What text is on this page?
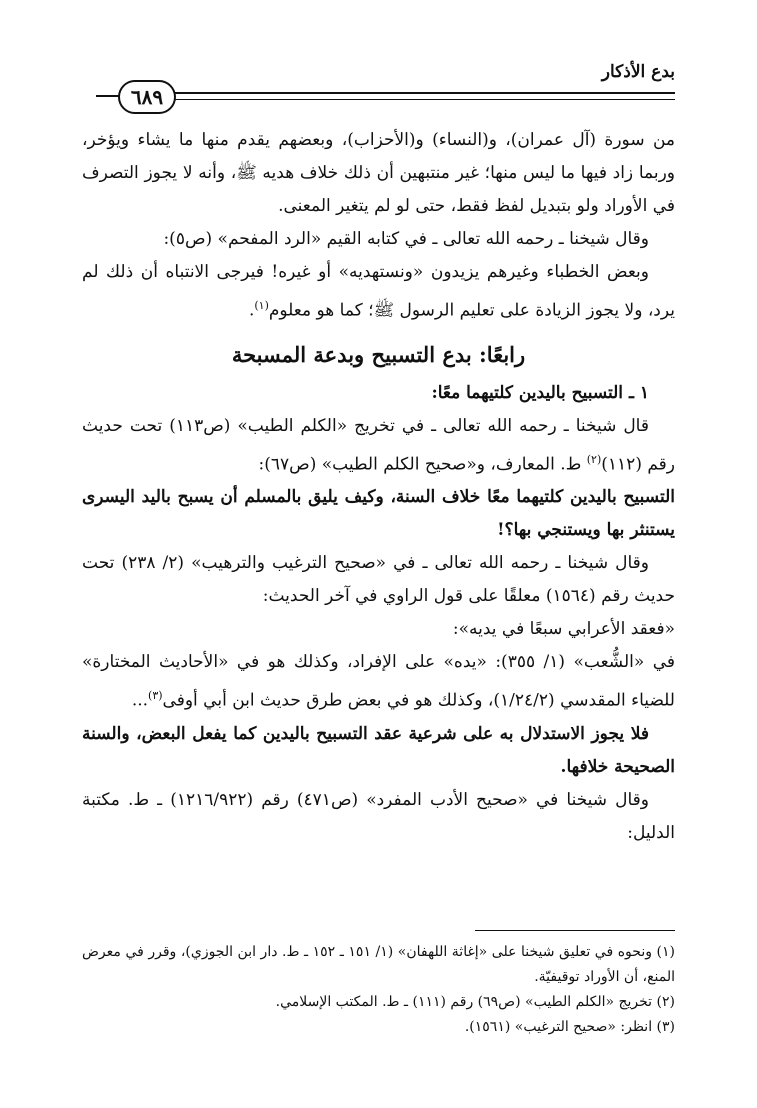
بدع الأذكار
٦٨٩

من سورة (آل عمران)، و(النساء) و(الأحزاب)، وبعضهم يقدم منها ما يشاء ويؤخر، وربما زاد فيها ما ليس منها؛ غير منتبهين أن ذلك خلاف هديه ﷺ، وأنه لا يجوز التصرف في الأوراد ولو بتبديل لفظ فقط، حتى لو لم يتغير المعنى.

وقال شيخنا ـ رحمه الله تعالى ـ في كتابه القيم «الرد المفحم» (ص٥):

وبعض الخطباء وغيرهم يزيدون «ونستهديه» أو غيره! فيرجى الانتباه أن ذلك لم يرد، ولا يجوز الزيادة على تعليم الرسول ﷺ؛ كما هو معلوم$^{(١)}$.

رابعًا: بدع التسبيح وبدعة المسبحة

١ ـ التسبيح باليدين كلتيهما معًا:

قال شيخنا ـ رحمه الله تعالى ـ في تخريج «الكلم الطيب» (ص١١٣) تحت حديث رقم (١١٢)$^{(٢)}$ ط. المعارف، و«صحيح الكلم الطيب» (ص٦٧):

التسبيح باليدين كلتيهما معًا خلاف السنة، وكيف يليق بالمسلم أن يسبح باليد اليسرى يستنثر بها ويستنجي بها؟!

وقال شيخنا ـ رحمه الله تعالى ـ في «صحيح الترغيب والترهيب» (٢/ ٢٣٨) تحت حديث رقم (١٥٦٤) معلقًا على قول الراوي في آخر الحديث:

«فعقد الأعرابي سبعًا في يديه»:

في «الشُّعب» (١/ ٣٥٥): «يده» على الإفراد، وكذلك هو في «الأحاديث المختارة» للضياء المقدسي (١/٢٤/٢)، وكذلك هو في بعض طرق حديث ابن أبي أوفى$^{(٣)}$...

فلا يجوز الاستدلال به على شرعية عقد التسبيح باليدين كما يفعل البعض، والسنة الصحيحة خلافها.

وقال شيخنا في «صحيح الأدب المفرد» (ص٤٧١) رقم (١٢١٦/٩٢٢) ـ ط. مكتبة الدليل:

(١) ونحوه في تعليق شيخنا على «إغاثة اللهفان» (١/ ١٥١ ـ ١٥٢ ـ ط. دار ابن الجوزي)، وقرر في معرض المنع، أن الأوراد توقيفيّة.

(٢) تخريج «الكلم الطيب» (ص٦٩) رقم (١١١) ـ ط. المكتب الإسلامي.

(٣) انظر: «صحيح الترغيب» (١٥٦١).
